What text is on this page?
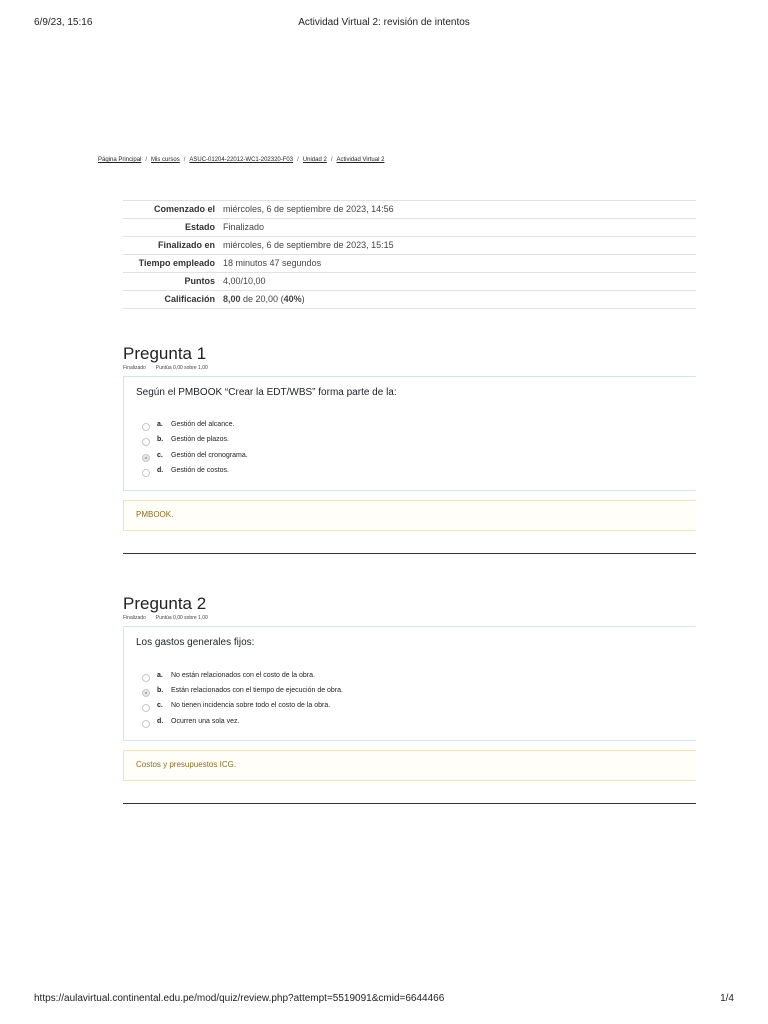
6/9/23, 15:16	Actividad Virtual 2: revisión de intentos
Página Principal / Mis cursos / ASUC-01204-22012-WC1-202320-F03 / Unidad 2 / Actividad Virtual 2
Comenzado el	miércoles, 6 de septiembre de 2023, 14:56
Estado	Finalizado
Finalizado en	miércoles, 6 de septiembre de 2023, 15:15
Tiempo empleado	18 minutos 47 segundos
Puntos	4,00/10,00
Calificación	8,00 de 20,00 (40%)
Pregunta 1
Finalizado Puntúa 0,00 sobre 1,00
Según el PMBOOK “Crear la EDT/WBS” forma parte de la:
a. Gestión del alcance.
b. Gestión de plazos.
c. Gestión del cronograma.
d. Gestión de costos.
PMBOOK.
Pregunta 2
Finalizado Puntúa 0,00 sobre 1,00
Los gastos generales fijos:
a. No están relacionados con el costo de la obra.
b. Están relacionados con el tiempo de ejecución de obra.
c. No tienen incidencia sobre todo el costo de la obra.
d. Ocurren una sola vez.
Costos y presupuestos ICG.
https://aulavirtual.continental.edu.pe/mod/quiz/review.php?attempt=5519091&cmid=6644466	1/4
